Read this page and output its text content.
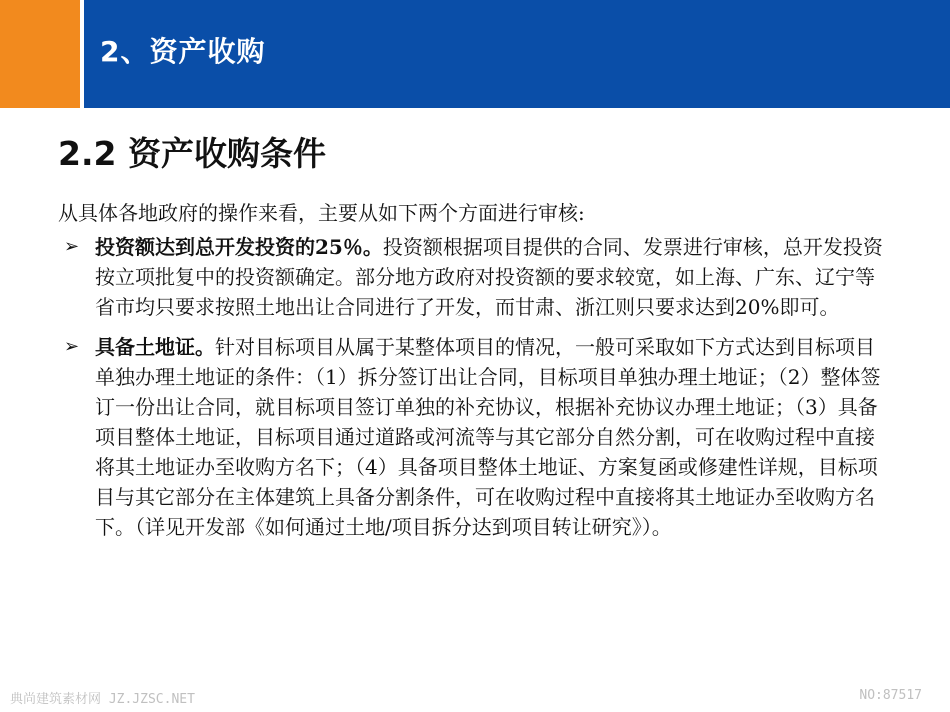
2、资产收购
2.2 资产收购条件

从具体各地政府的操作来看，主要从如下两个方面进行审核:

➢ 投资额达到总开发投资的25％。投资额根据项目提供的合同、发票进行审核，总开发投资按立项批复中的投资额确定。部分地方政府对投资额的要求较宽，如上海、广东、辽宁等省市均只要求按照土地出让合同进行了开发，而甘肃、浙江则只要求达到20%即可。
➢ 具备土地证。针对目标项目从属于某整体项目的情况，一般可采取如下方式达到目标项目单独办理土地证的条件：（1）拆分签订出让合同，目标项目单独办理土地证；（2）整体签订一份出让合同，就目标项目签订单独的补充协议，根据补充协议办理土地证；（3）具备项目整体土地证，目标项目通过道路或河流等与其它部分自然分割，可在收购过程中直接将其土地证办至收购方名下；（4）具备项目整体土地证、方案复函或修建性详规，目标项目与其它部分在主体建筑上具备分割条件，可在收购过程中直接将其土地证办至收购方名下。（详见开发部《如何通过土地/项目拆分达到项目转让研究》）。
典尚建筑素材网 JZ.JZSC.NET	NO:87517
